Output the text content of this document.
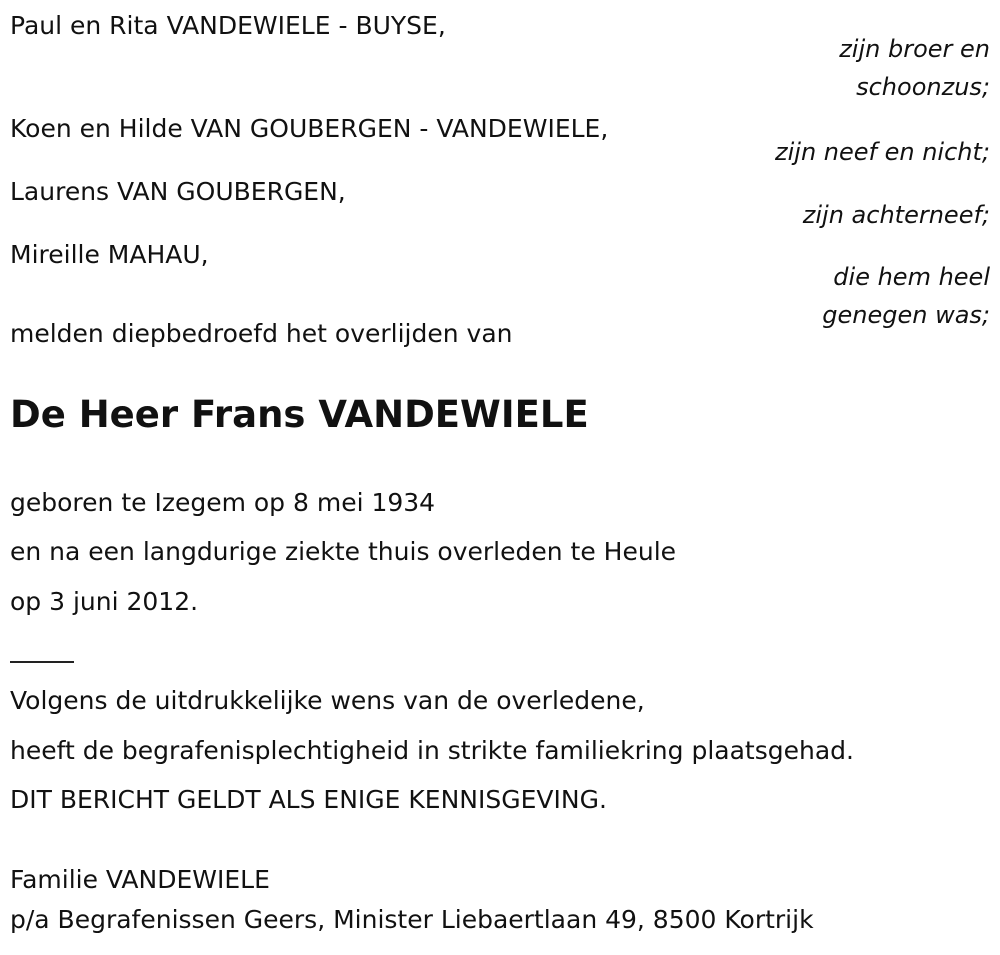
Paul en Rita VANDEWIELE - BUYSE,

Koen en Hilde VAN GOUBERGEN - VANDEWIELE,

Laurens VAN GOUBERGEN,

Mireille MAHAU,

melden diepbedroefd het overlijden van

zijn broer en
schoonzus;
zijn neef en nicht;
zijn achterneef;
die hem heel
genegen was;
De Heer Frans VANDEWIELE

geboren te Izegem op 8 mei 1934

en na een langdurige ziekte thuis overleden te Heule

op 3 juni 2012.

Volgens de uitdrukkelijke wens van de overledene,

heeft de begrafenisplechtigheid in strikte familiekring plaatsgehad.

DIT BERICHT GELDT ALS ENIGE KENNISGEVING.

Familie VANDEWIELE

p/a Begrafenissen Geers, Minister Liebaertlaan 49, 8500 Kortrijk
